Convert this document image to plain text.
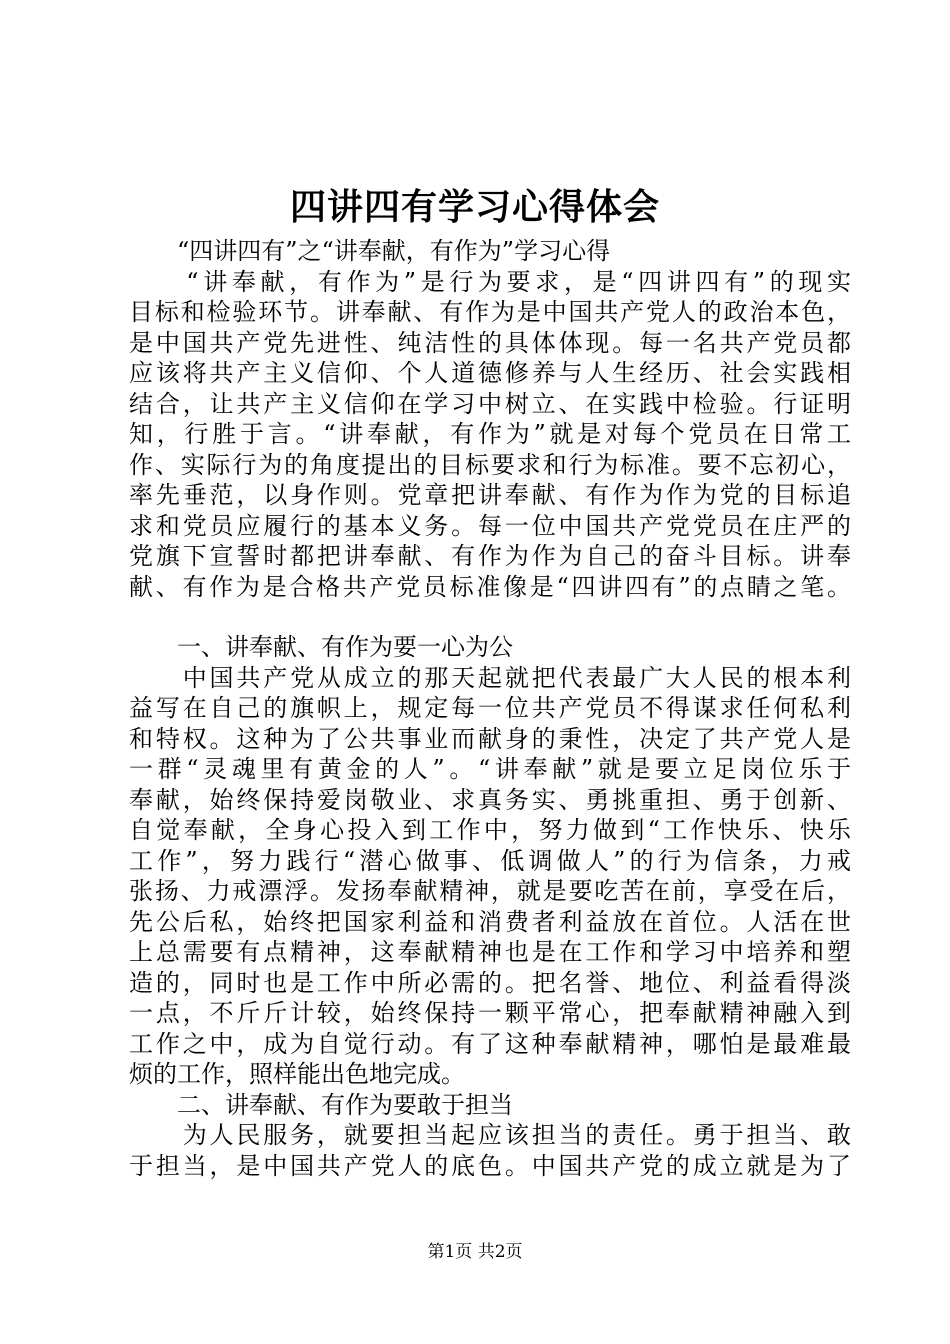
四讲四有学习心得体会
　　“四讲四有”之“讲奉献，有作为”学习心得
　　“讲奉献，有作为”是行为要求，是“四讲四有”的现实
目标和检验环节。讲奉献、有作为是中国共产党人的政治本色，
是中国共产党先进性、纯洁性的具体体现。每一名共产党员都
应该将共产主义信仰、个人道德修养与人生经历、社会实践相
结合，让共产主义信仰在学习中树立、在实践中检验。行证明
知，行胜于言。“讲奉献，有作为”就是对每个党员在日常工
作、实际行为的角度提出的目标要求和行为标准。要不忘初心，
率先垂范，以身作则。党章把讲奉献、有作为作为党的目标追
求和党员应履行的基本义务。每一位中国共产党党员在庄严的
党旗下宣誓时都把讲奉献、有作为作为自己的奋斗目标。讲奉
献、有作为是合格共产党员标准像是“四讲四有”的点睛之笔。
　　一、讲奉献、有作为要一心为公
　　中国共产党从成立的那天起就把代表最广大人民的根本利
益写在自己的旗帜上，规定每一位共产党员不得谋求任何私利
和特权。这种为了公共事业而献身的秉性，决定了共产党人是
一群“灵魂里有黄金的人”。“讲奉献”就是要立足岗位乐于
奉献，始终保持爱岗敬业、求真务实、勇挑重担、勇于创新、
自觉奉献，全身心投入到工作中，努力做到“工作快乐、快乐
工作”，努力践行“潜心做事、低调做人”的行为信条，力戒
张扬、力戒漂浮。发扬奉献精神，就是要吃苦在前，享受在后，
先公后私，始终把国家利益和消费者利益放在首位。人活在世
上总需要有点精神，这奉献精神也是在工作和学习中培养和塑
造的，同时也是工作中所必需的。把名誉、地位、利益看得淡
一点，不斤斤计较，始终保持一颗平常心，把奉献精神融入到
工作之中，成为自觉行动。有了这种奉献精神，哪怕是最难最
烦的工作，照样能出色地完成。
　　二、讲奉献、有作为要敢于担当
　　为人民服务，就要担当起应该担当的责任。勇于担当、敢
于担当，是中国共产党人的底色。中国共产党的成立就是为了
第1页 共2页
